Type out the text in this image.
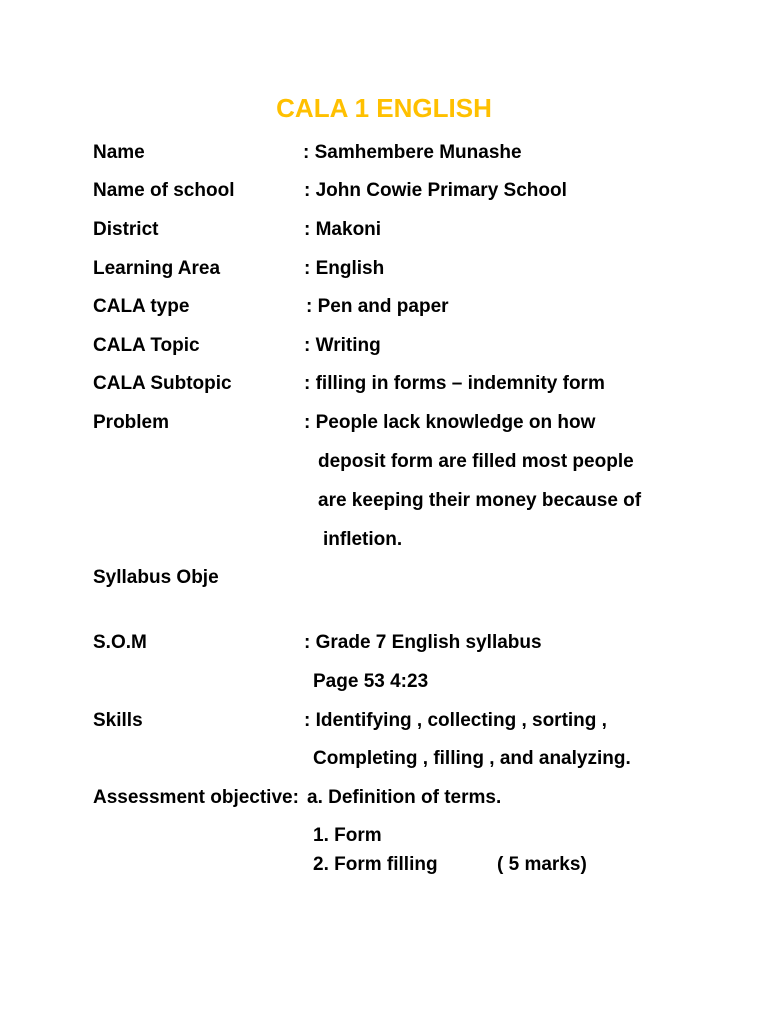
CALA 1 ENGLISH
Name	: Samhembere Munashe
Name of school	: John Cowie Primary School
District	: Makoni
Learning Area	: English
CALA type	: Pen and paper
CALA Topic	: Writing
CALA Subtopic	: filling in forms – indemnity form
Problem	: People lack knowledge on how
deposit form are filled most people
are keeping their money because of
infletion.
Syllabus Obje
S.O.M	: Grade 7 English syllabus
Page 53 4:23
Skills	: Identifying , collecting , sorting ,
Completing , filling , and analyzing.
Assessment objective: a. Definition of terms.
1. Form
2. Form filling	( 5 marks)
